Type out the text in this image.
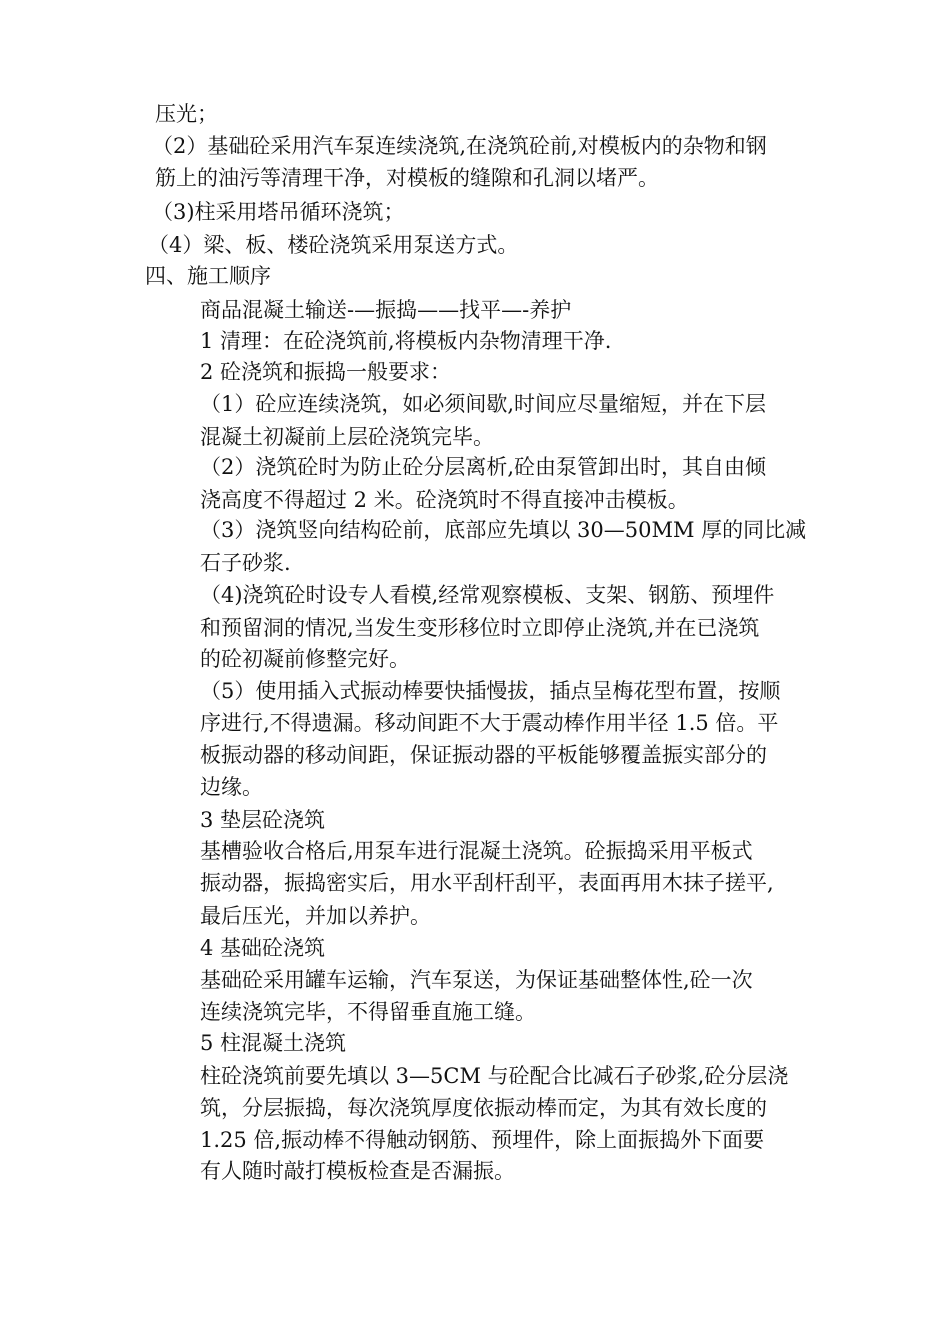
压光；

（2）基础砼采用汽车泵连续浇筑,在浇筑砼前,对模板内的杂物和钢

筋上的油污等清理干净，对模板的缝隙和孔洞以堵严。

（3)柱采用塔吊循环浇筑；

（4）梁、板、楼砼浇筑采用泵送方式。

四、施工顺序

商品混凝土输送-—振捣——找平—-养护

1 清理：在砼浇筑前,将模板内杂物清理干净.

2 砼浇筑和振捣一般要求：

（1）砼应连续浇筑，如必须间歇,时间应尽量缩短，并在下层

混凝土初凝前上层砼浇筑完毕。

（2）浇筑砼时为防止砼分层离析,砼由泵管卸出时，其自由倾

浇高度不得超过 2 米。砼浇筑时不得直接冲击模板。

（3）浇筑竖向结构砼前，底部应先填以 30—50MM 厚的同比减

石子砂浆.

（4)浇筑砼时设专人看模,经常观察模板、支架、钢筋、预埋件

和预留洞的情况,当发生变形移位时立即停止浇筑,并在已浇筑

的砼初凝前修整完好。

（5）使用插入式振动棒要快插慢拔，插点呈梅花型布置，按顺

序进行,不得遗漏。移动间距不大于震动棒作用半径 1.5 倍。平

板振动器的移动间距，保证振动器的平板能够覆盖振实部分的

边缘。

3 垫层砼浇筑

基槽验收合格后,用泵车进行混凝土浇筑。砼振捣采用平板式

振动器，振捣密实后，用水平刮杆刮平，表面再用木抹子搓平,

最后压光，并加以养护。

4 基础砼浇筑

基础砼采用罐车运输，汽车泵送，为保证基础整体性,砼一次

连续浇筑完毕，不得留垂直施工缝。

5 柱混凝土浇筑

柱砼浇筑前要先填以 3—5CM 与砼配合比减石子砂浆,砼分层浇

筑，分层振捣，每次浇筑厚度依振动棒而定，为其有效长度的

1.25 倍,振动棒不得触动钢筋、预埋件，除上面振捣外下面要

有人随时敲打模板检查是否漏振。
